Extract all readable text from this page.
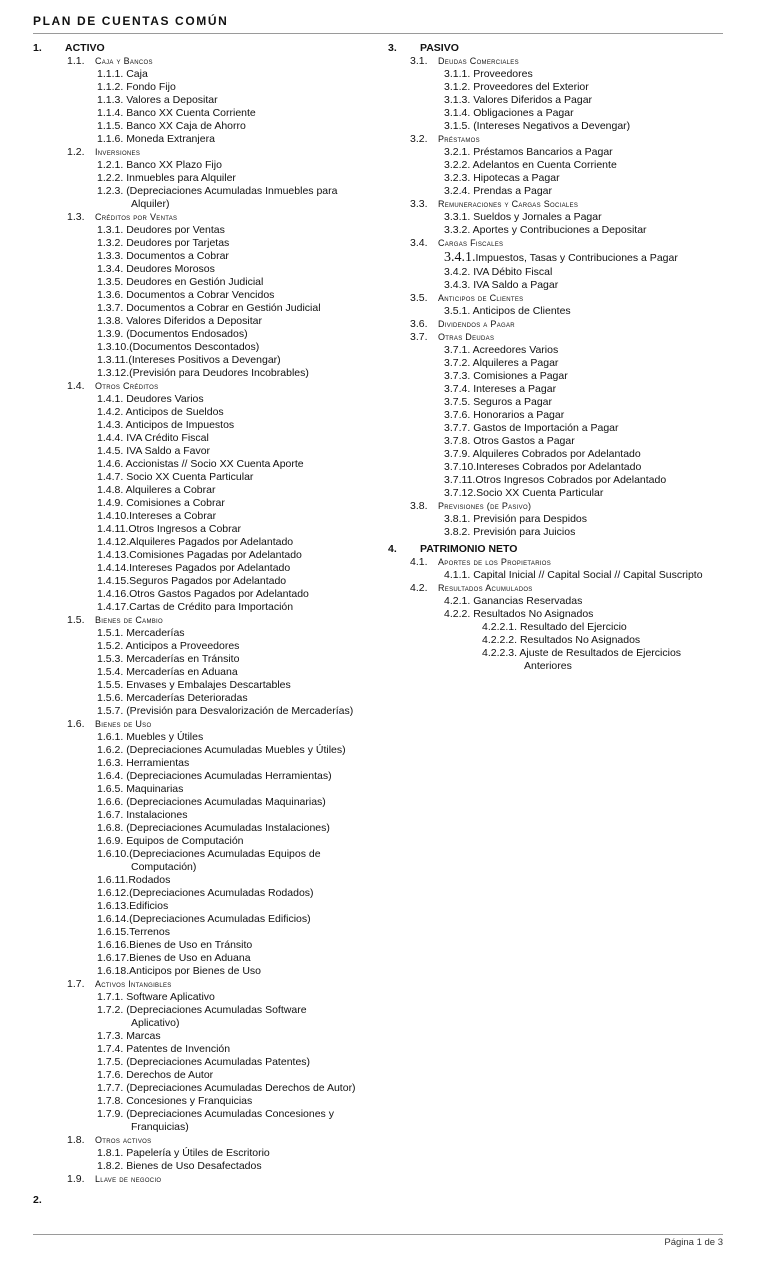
PLAN DE CUENTAS COMÚN
1.	ACTIVO
1.1.	Caja y Bancos
1.1.1. Caja
1.1.2. Fondo Fijo
1.1.3. Valores a Depositar
1.1.4. Banco XX Cuenta Corriente
1.1.5. Banco XX Caja de Ahorro
1.1.6. Moneda Extranjera
1.2.	Inversiones
1.2.1. Banco XX Plazo Fijo
1.2.2. Inmuebles para Alquiler
1.2.3. (Depreciaciones Acumuladas Inmuebles para
Alquiler)
1.3.	Créditos por Ventas
1.3.1. Deudores por Ventas
1.3.2. Deudores por Tarjetas
1.3.3. Documentos a Cobrar
1.3.4. Deudores Morosos
1.3.5. Deudores en Gestión Judicial
1.3.6. Documentos a Cobrar Vencidos
1.3.7. Documentos a Cobrar en Gestión Judicial
1.3.8. Valores Diferidos a Depositar
1.3.9. (Documentos Endosados)
1.3.10.(Documentos Descontados)
1.3.11.(Intereses Positivos a Devengar)
1.3.12.(Previsión para Deudores Incobrables)
1.4.	Otros Créditos
1.4.1. Deudores Varios
1.4.2. Anticipos de Sueldos
1.4.3. Anticipos de Impuestos
1.4.4. IVA Crédito Fiscal
1.4.5. IVA Saldo a Favor
1.4.6. Accionistas // Socio XX Cuenta Aporte
1.4.7. Socio XX Cuenta Particular
1.4.8. Alquileres a Cobrar
1.4.9. Comisiones a Cobrar
1.4.10.Intereses a Cobrar
1.4.11.Otros Ingresos a Cobrar
1.4.12.Alquileres Pagados por Adelantado
1.4.13.Comisiones Pagadas por Adelantado
1.4.14.Intereses Pagados por Adelantado
1.4.15.Seguros Pagados por Adelantado
1.4.16.Otros Gastos Pagados por Adelantado
1.4.17.Cartas de Crédito para Importación
1.5.	Bienes de Cambio
1.5.1. Mercaderías
1.5.2. Anticipos a Proveedores
1.5.3. Mercaderías en Tránsito
1.5.4. Mercaderías en Aduana
1.5.5. Envases y Embalajes Descartables
1.5.6. Mercaderías Deterioradas
1.5.7. (Previsión para Desvalorización de Mercaderías)
1.6.	Bienes de Uso
1.6.1. Muebles y Útiles
1.6.2. (Depreciaciones Acumuladas Muebles y Útiles)
1.6.3. Herramientas
1.6.4. (Depreciaciones Acumuladas Herramientas)
1.6.5. Maquinarias
1.6.6. (Depreciaciones Acumuladas Maquinarias)
1.6.7. Instalaciones
1.6.8. (Depreciaciones Acumuladas Instalaciones)
1.6.9. Equipos de Computación
1.6.10.(Depreciaciones Acumuladas Equipos de
Computación)
1.6.11.Rodados
1.6.12.(Depreciaciones Acumuladas Rodados)
1.6.13.Edificios
1.6.14.(Depreciaciones Acumuladas Edificios)
1.6.15.Terrenos
1.6.16.Bienes de Uso en Tránsito
1.6.17.Bienes de Uso en Aduana
1.6.18.Anticipos por Bienes de Uso
1.7.	Activos Intangibles
1.7.1. Software Aplicativo
1.7.2. (Depreciaciones Acumuladas Software
Aplicativo)
1.7.3. Marcas
1.7.4. Patentes de Invención
1.7.5. (Depreciaciones Acumuladas Patentes)
1.7.6. Derechos de Autor
1.7.7. (Depreciaciones Acumuladas Derechos de Autor)
1.7.8. Concesiones y Franquicias
1.7.9. (Depreciaciones Acumuladas Concesiones y
Franquicias)
1.8.	Otros activos
1.8.1. Papelería y Útiles de Escritorio
1.8.2. Bienes de Uso Desafectados
1.9.	Llave de negocio
2.
3.	PASIVO
3.1.	Deudas Comerciales
3.1.1. Proveedores
3.1.2. Proveedores del Exterior
3.1.3. Valores Diferidos a Pagar
3.1.4. Obligaciones a Pagar
3.1.5. (Intereses Negativos a Devengar)
3.2.	Préstamos
3.2.1. Préstamos Bancarios a Pagar
3.2.2. Adelantos en Cuenta Corriente
3.2.3. Hipotecas a Pagar
3.2.4. Prendas a Pagar
3.3.	Remuneraciones y Cargas Sociales
3.3.1. Sueldos y Jornales a Pagar
3.3.2. Aportes y Contribuciones a Depositar
3.4.	Cargas Fiscales
3.4.1.Impuestos, Tasas y Contribuciones a Pagar
3.4.2. IVA Débito Fiscal
3.4.3. IVA Saldo a Pagar
3.5.	Anticipos de Clientes
3.5.1. Anticipos de Clientes
3.6.	Dividendos a Pagar
3.7.	Otras Deudas
3.7.1. Acreedores Varios
3.7.2. Alquileres a Pagar
3.7.3. Comisiones a Pagar
3.7.4. Intereses a Pagar
3.7.5. Seguros a Pagar
3.7.6. Honorarios a Pagar
3.7.7. Gastos de Importación a Pagar
3.7.8. Otros Gastos a Pagar
3.7.9. Alquileres Cobrados por Adelantado
3.7.10.Intereses Cobrados por Adelantado
3.7.11.Otros Ingresos Cobrados por Adelantado
3.7.12.Socio XX Cuenta Particular
3.8.	Previsiones (de Pasivo)
3.8.1. Previsión para Despidos
3.8.2. Previsión para Juicios
4.	PATRIMONIO NETO
4.1.	Aportes de los Propietarios
4.1.1. Capital Inicial // Capital Social // Capital Suscripto
4.2.	Resultados Acumulados
4.2.1. Ganancias Reservadas
4.2.2. Resultados No Asignados
4.2.2.1. Resultado del Ejercicio
4.2.2.2. Resultados No Asignados
4.2.2.3. Ajuste de Resultados de Ejercicios
Anteriores
Página 1 de 3
